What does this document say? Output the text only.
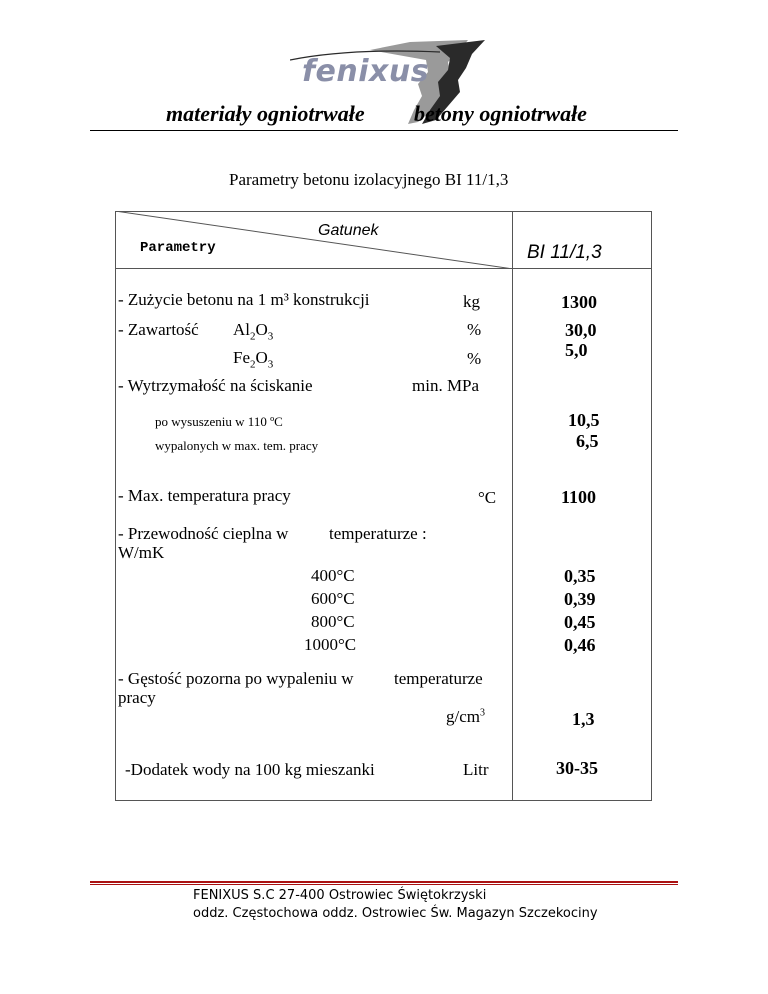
fenixus
materiały ogniotrwałe betony ogniotrwałe
Parametry betonu izolacyjnego BI 11/1,3
Gatunek
Parametry	BI 11/1,3
- Zużycie betonu na 1 m³ konstrukcji	kg	1300
- Zawartość $Al_2O_3$	%	30,0
$Fe_2O_3$	%	5,0
- Wytrzymałość na ściskanie	min. MPa
po wysuszeniu w 110 ºC	10,5
wypalonych w max. tem. pracy	6,5
- Max. temperatura pracy	°C	1100
- Przewodność cieplna w temperaturze :
W/mK
400°C	0,35
600°C	0,39
800°C	0,45
1000°C	0,46
- Gęstość pozorna po wypaleniu w temperaturze
pracy
$g/cm^3$	1,3
-Dodatek wody na 100 kg mieszanki	Litr	30-35
FENIXUS S.C 27-400 Ostrowiec Świętokrzyski
oddz. Częstochowa oddz. Ostrowiec Św. Magazyn Szczekociny
